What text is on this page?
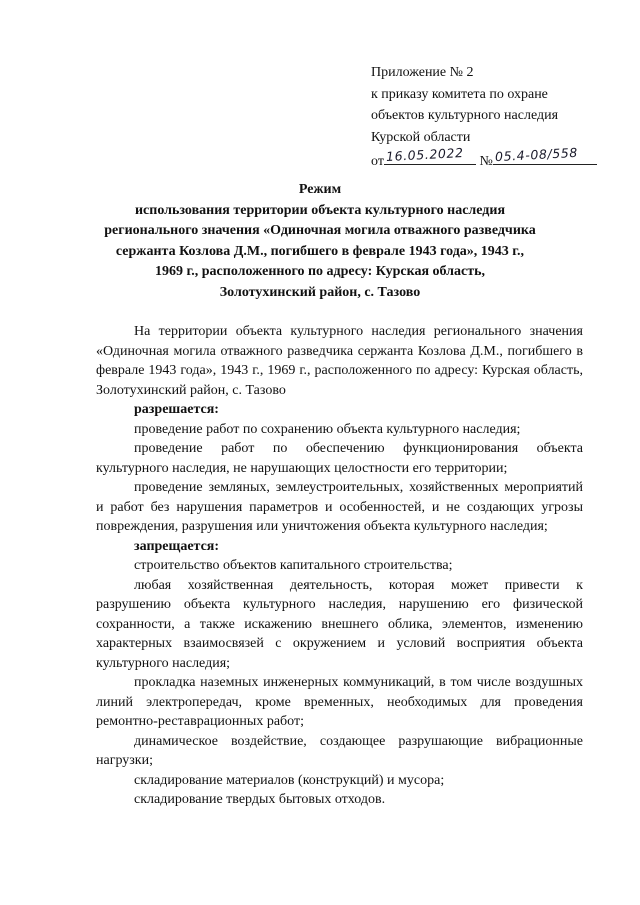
Приложение № 2
к приказу комитета по охране
объектов культурного наследия
Курской области
от 16.05.2022 № 05.4-08/558
Режим
использования территории объекта культурного наследия
регионального значения «Одиночная могила отважного разведчика
сержанта Козлова Д.М., погибшего в феврале 1943 года», 1943 г.,
1969 г., расположенного по адресу: Курская область,
Золотухинский район, с. Тазово

На территории объекта культурного наследия регионального значения «Одиночная могила отважного разведчика сержанта Козлова Д.М., погибшего в феврале 1943 года», 1943 г., 1969 г., расположенного по адресу: Курская область, Золотухинский район, с. Тазово

разрешается:

проведение работ по сохранению объекта культурного наследия;

проведение работ по обеспечению функционирования объекта культурного наследия, не нарушающих целостности его территории;

проведение земляных, землеустроительных, хозяйственных мероприятий и работ без нарушения параметров и особенностей, и не создающих угрозы повреждения, разрушения или уничтожения объекта культурного наследия;

запрещается:

строительство объектов капитального строительства;

любая хозяйственная деятельность, которая может привести к разрушению объекта культурного наследия, нарушению его физической сохранности, а также искажению внешнего облика, элементов, изменению характерных взаимосвязей с окружением и условий восприятия объекта культурного наследия;

прокладка наземных инженерных коммуникаций, в том числе воздушных линий электропередач, кроме временных, необходимых для проведения ремонтно-реставрационных работ;

динамическое воздействие, создающее разрушающие вибрационные нагрузки;

складирование материалов (конструкций) и мусора;

складирование твердых бытовых отходов.
